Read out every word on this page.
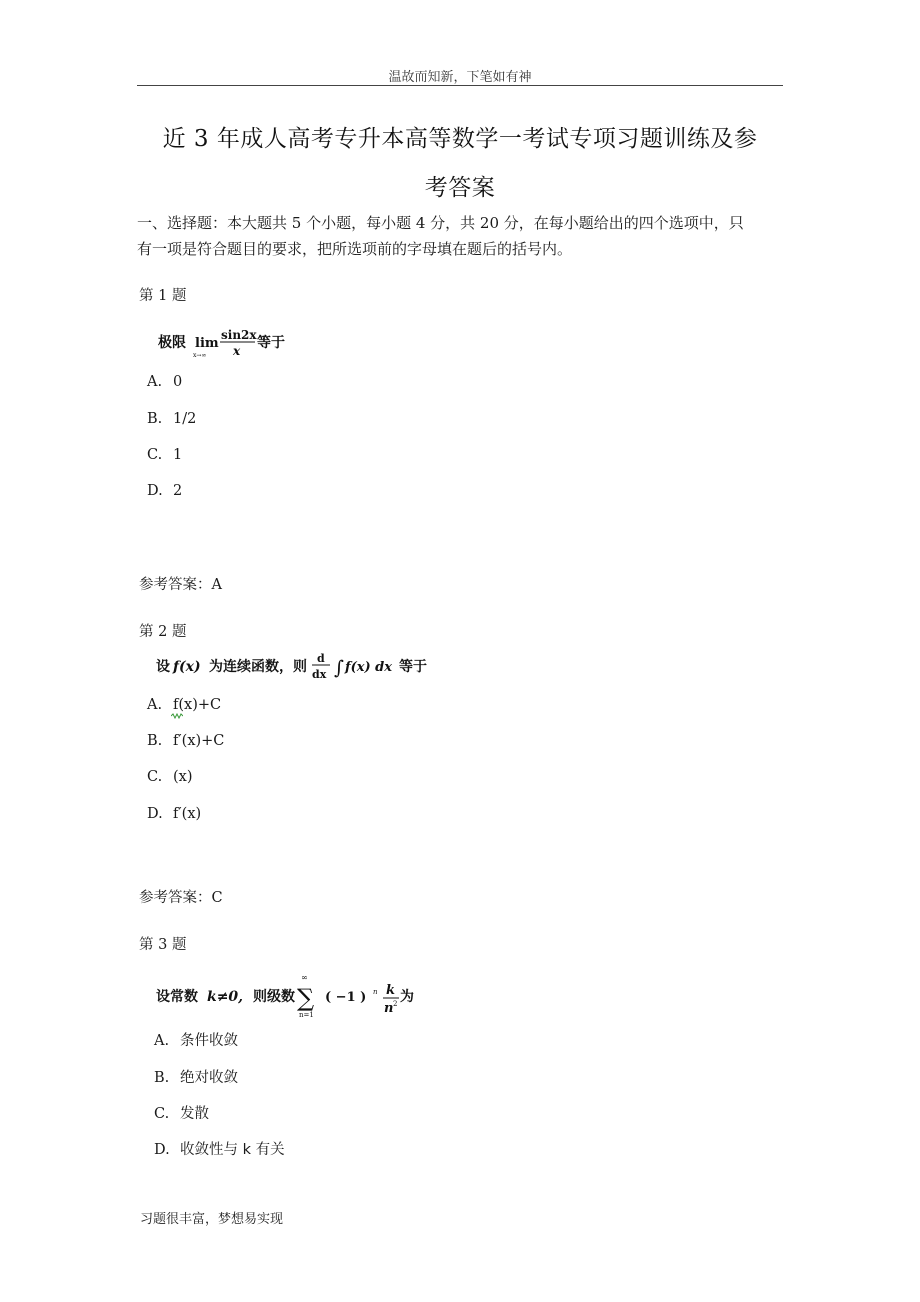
温故而知新，下笔如有神
近 3 年成人高考专升本高等数学一考试专项习题训练及参
考答案
一、选择题：本大题共 5 个小题，每小题 4 分，共 20 分，在每小题给出的四个选项中，只
有一项是符合题目的要求，把所选项前的字母填在题后的括号内。
第 1 题
极限 lim
x→∞
sin2x
x 等于
A. 0
B. 1/2
C. 1
D. 2
参考答案：A
第 2 题
设 f(x) 为连续函数，则
d
dx ∫ f(x) dx 等于
A. f(x)+C
B. f′(x)+C
C. (x)
D. f′(x)
参考答案：C
第 3 题
设常数 k≠0, 则级数
∞
∑
n=1
( −1 ) n k
n 2 为
A. 条件收敛
B. 绝对收敛
C. 发散
D. 收敛性与 k 有关
习题很丰富，梦想易实现
